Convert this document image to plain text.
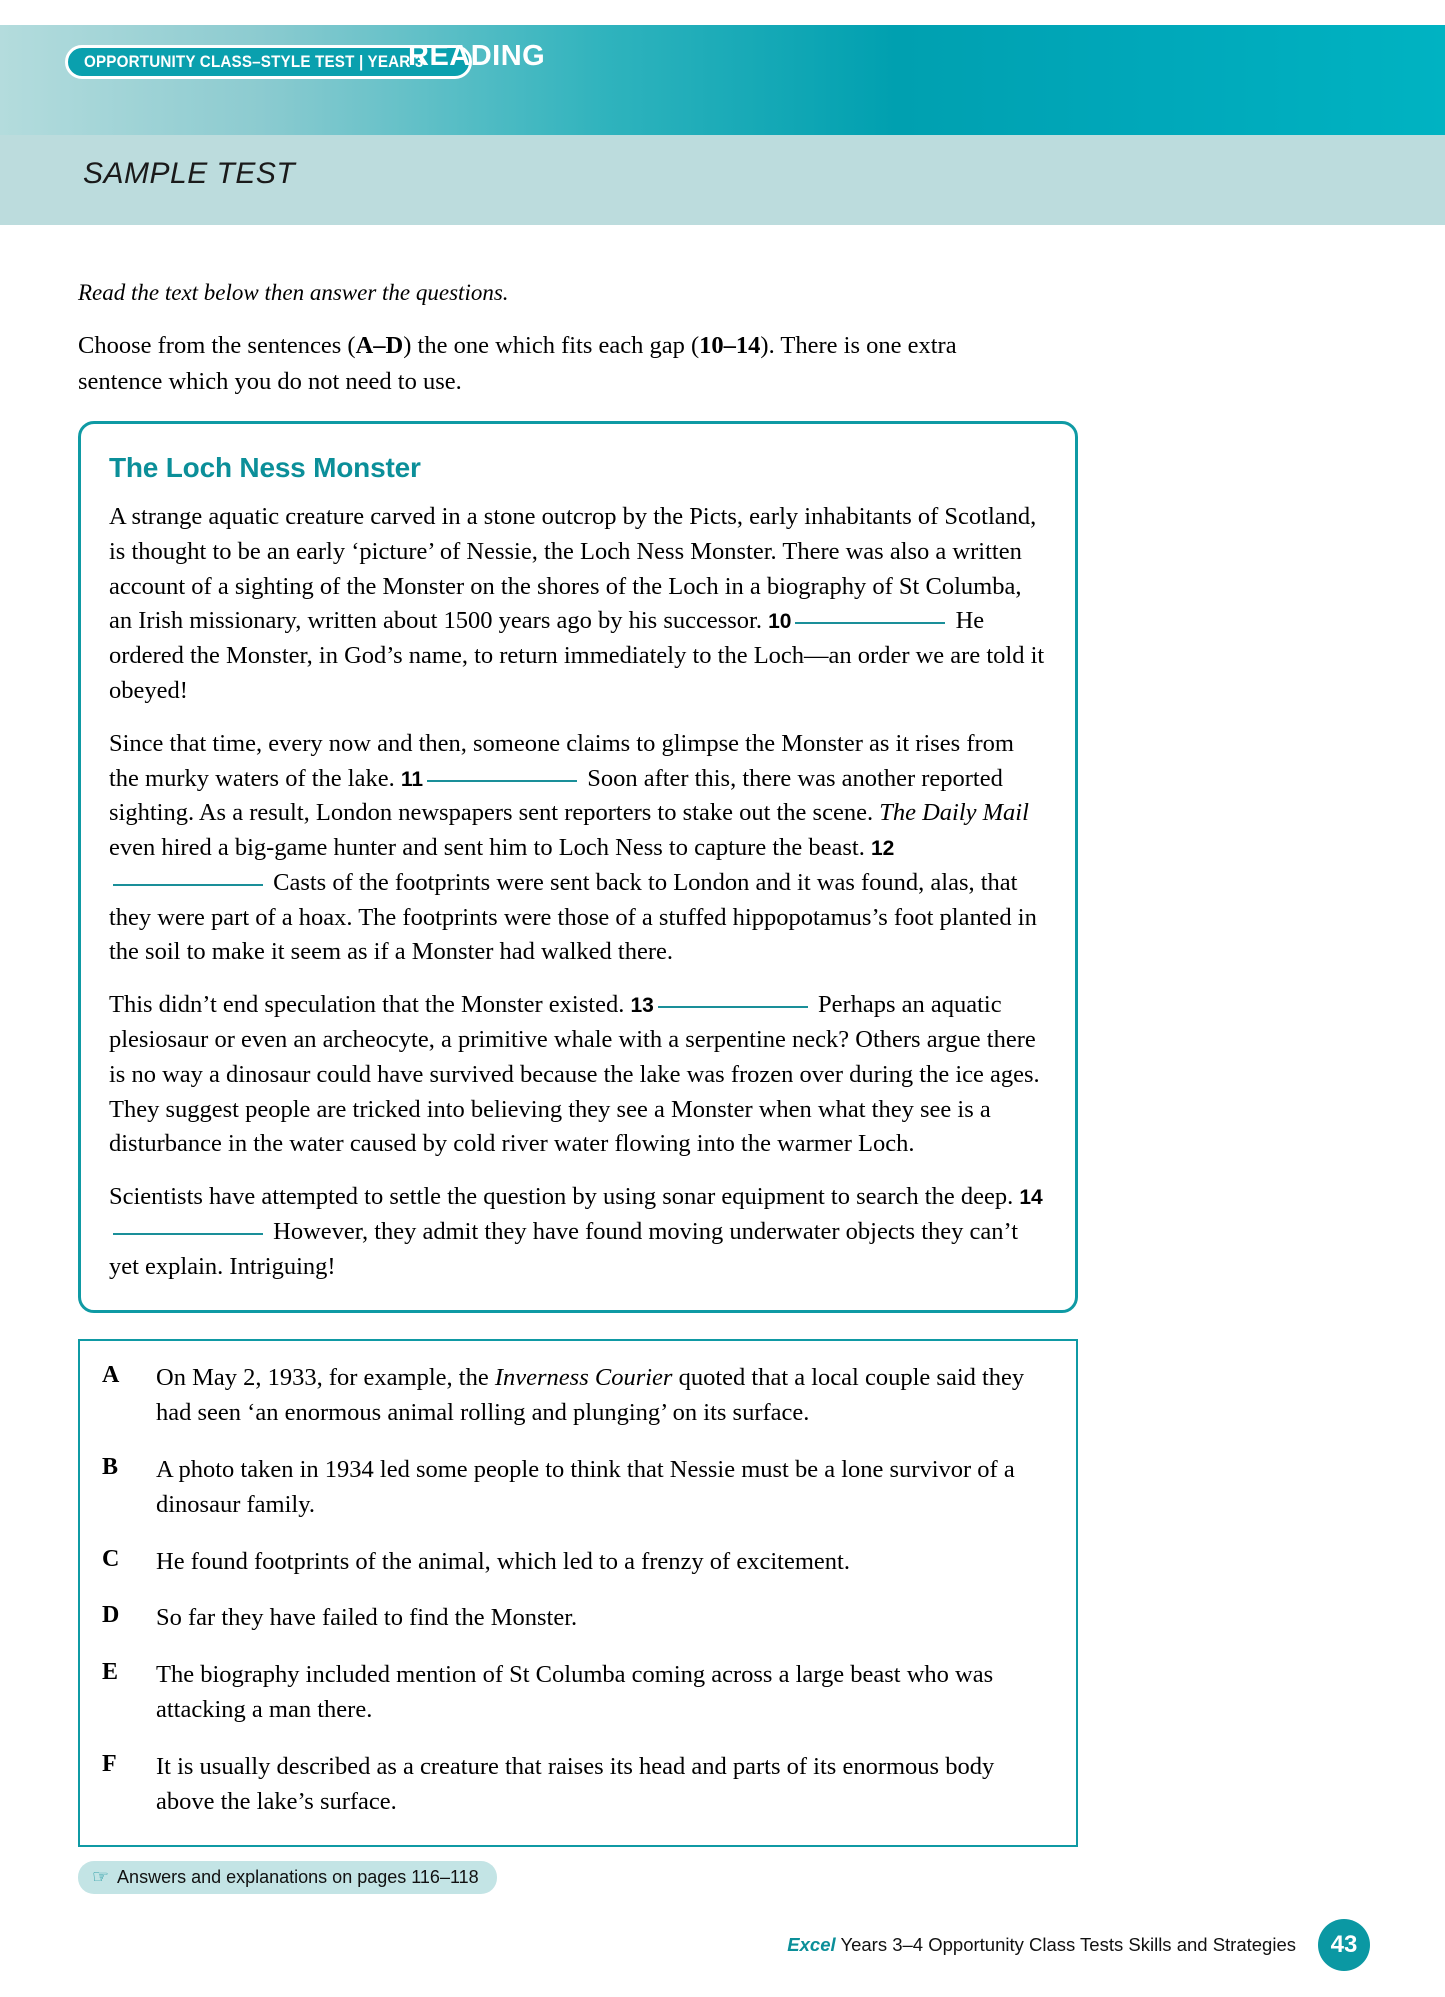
OPPORTUNITY CLASS–STYLE TEST | YEAR 3
READING
SAMPLE TEST
Read the text below then answer the questions.
Choose from the sentences (A–D) the one which fits each gap (10–14). There is one extra sentence which you do not need to use.
The Loch Ness Monster

A strange aquatic creature carved in a stone outcrop by the Picts, early inhabitants of Scotland, is thought to be an early ‘picture’ of Nessie, the Loch Ness Monster. There was also a written account of a sighting of the Monster on the shores of the Loch in a biography of St Columba, an Irish missionary, written about 1500 years ago by his successor. 10	He ordered the Monster, in God’s name, to return immediately to the Loch—an order we are told it obeyed!

Since that time, every now and then, someone claims to glimpse the Monster as it rises from the murky waters of the lake. 11	Soon after this, there was another reported sighting. As a result, London newspapers sent reporters to stake out the scene. The Daily Mail even hired a big-game hunter and sent him to Loch Ness to capture the beast. 12 Casts of the footprints were sent back to London and it was found, alas, that they were part of a hoax. The footprints were those of a stuffed hippopotamus’s foot planted in the soil to make it seem as if a Monster had walked there.

This didn’t end speculation that the Monster existed. 13	Perhaps an aquatic plesiosaur or even an archeocyte, a primitive whale with a serpentine neck? Others argue there is no way a dinosaur could have survived because the lake was frozen over during the ice ages. They suggest people are tricked into believing they see a Monster when what they see is a disturbance in the water caused by cold river water flowing into the warmer Loch.

Scientists have attempted to settle the question by using sonar equipment to search the deep. 14 However, they admit they have found moving underwater objects they can’t yet explain. Intriguing!

A	On May 2, 1933, for example, the Inverness Courier quoted that a local couple said they had seen ‘an enormous animal rolling and plunging’ on its surface.
B	A photo taken in 1934 led some people to think that Nessie must be a lone survivor of a dinosaur family.
C	He found footprints of the animal, which led to a frenzy of excitement.
D	So far they have failed to find the Monster.
E	The biography included mention of St Columba coming across a large beast who was attacking a man there.
F	It is usually described as a creature that raises its head and parts of its enormous body above the lake’s surface.
☞ Answers and explanations on pages 116–118
Excel Years 3–4 Opportunity Class Tests Skills and Strategies	43
